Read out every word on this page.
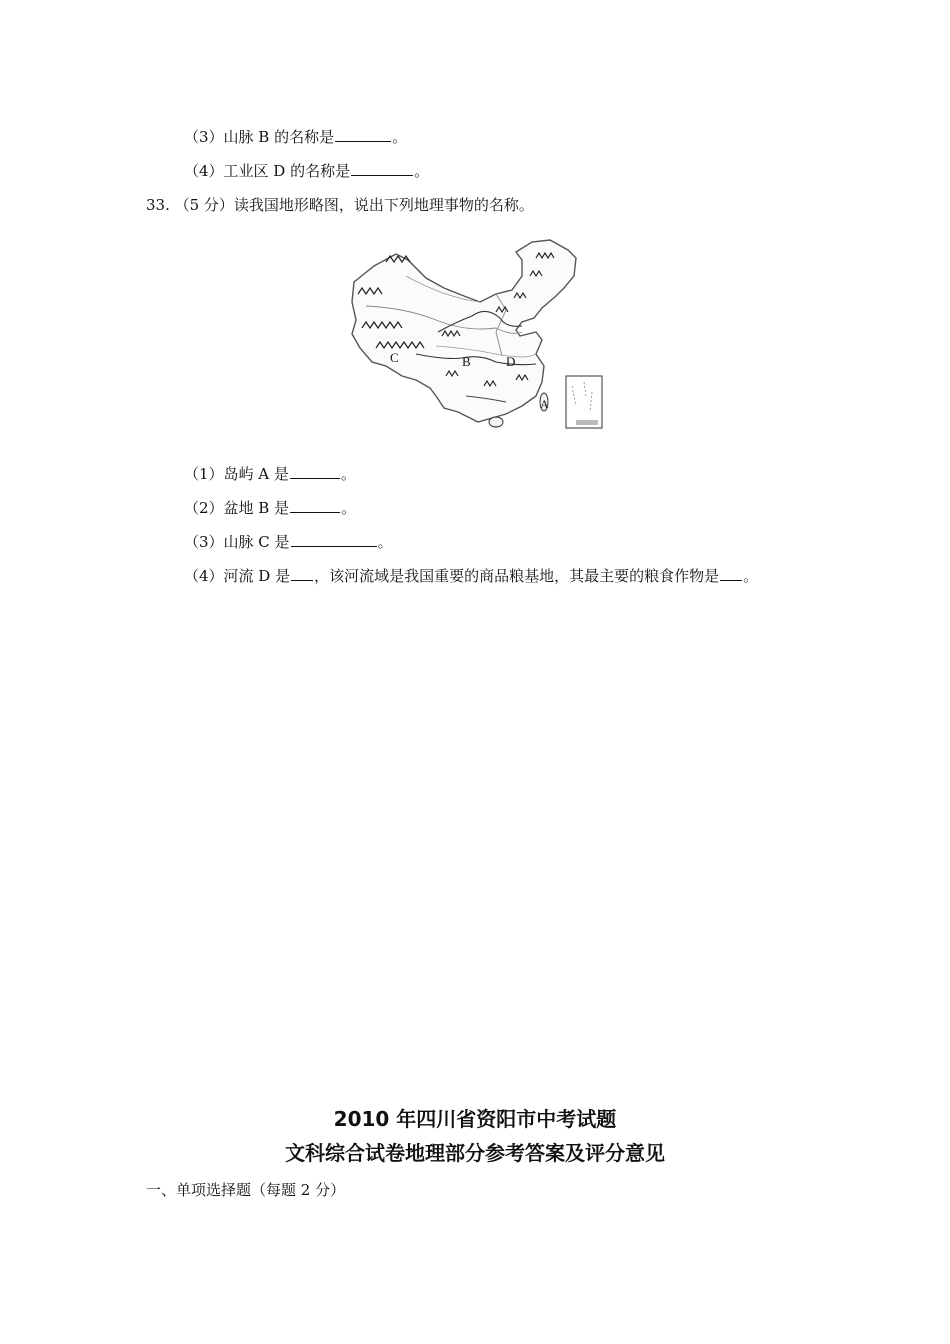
（3）山脉 B 的名称是	。
（4）工业区 D 的名称是	。
33. （5 分）读我国地形略图，说出下列地理事物的名称。
C	B	D
A
（1）岛屿 A 是	。
（2）盆地 B 是	。
（3）山脉 C 是	。
（4）河流 D 是 ，该河流域是我国重要的商品粮基地，其最主要的粮食作物是 。
2010 年四川省资阳市中考试题
文科综合试卷地理部分参考答案及评分意见
一、单项选择题（每题 2 分）
